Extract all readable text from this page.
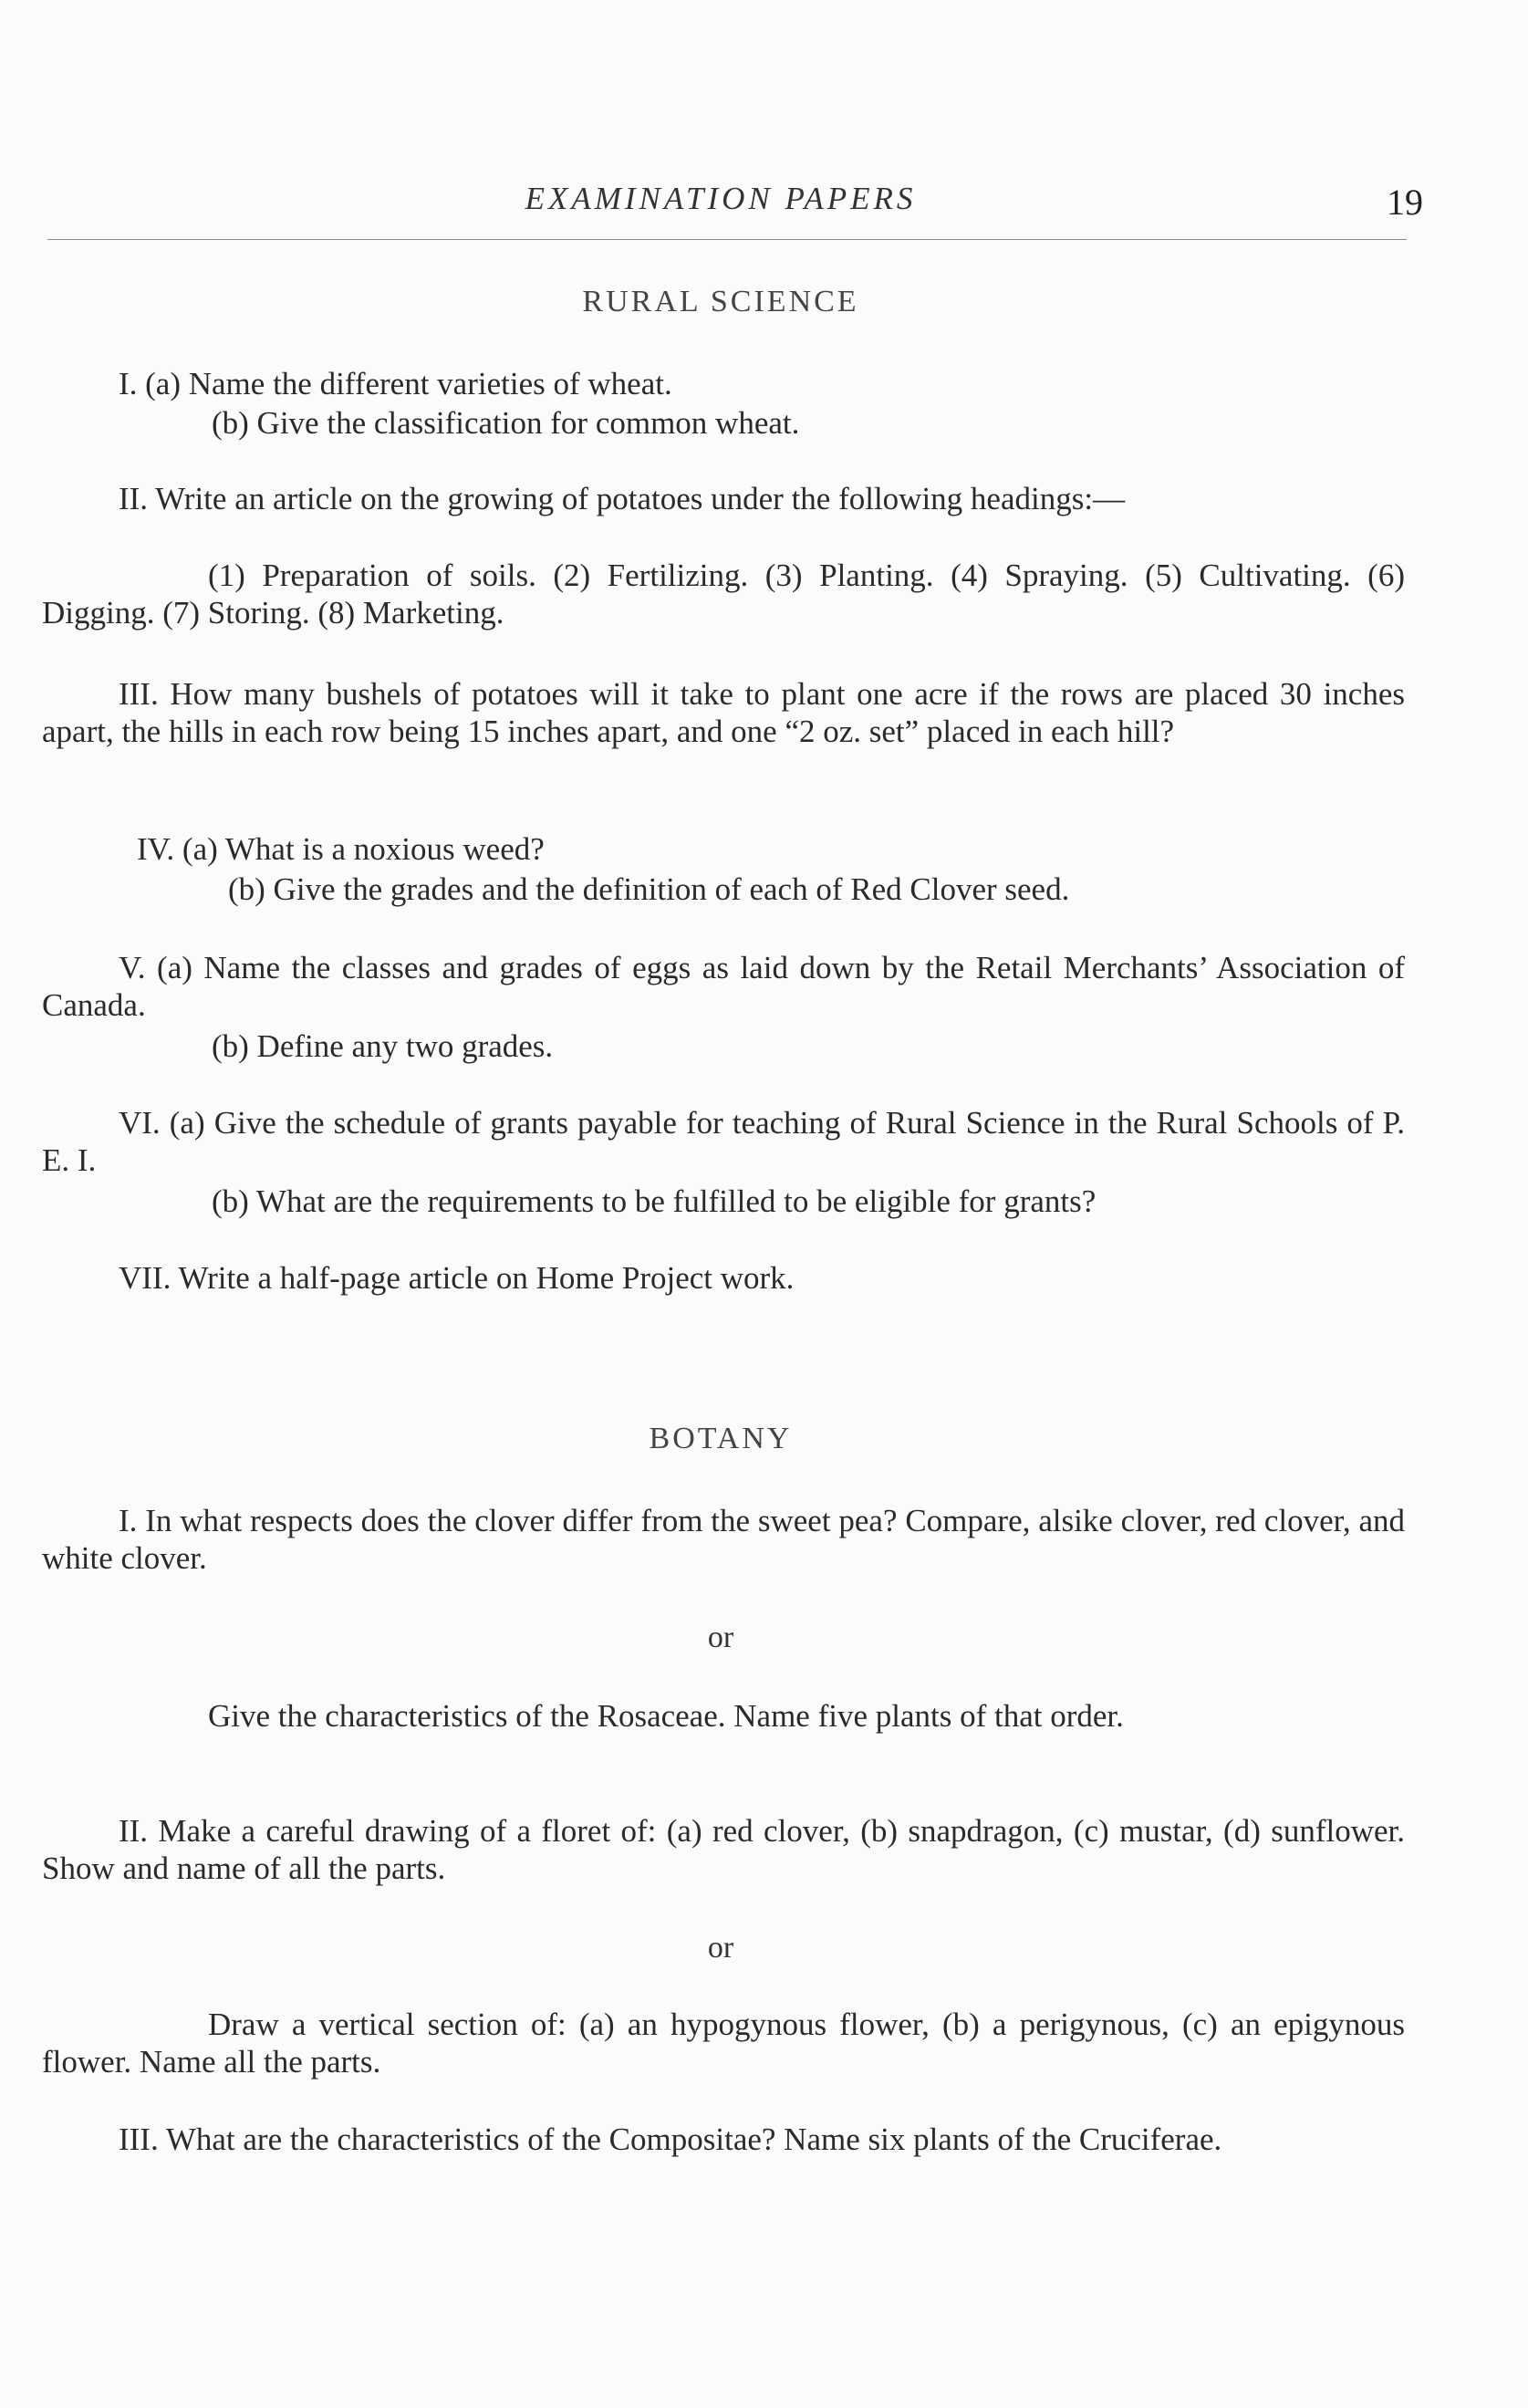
EXAMINATION PAPERS	19
RURAL SCIENCE

I. (a) Name the different varieties of wheat.

(b) Give the classification for common wheat.

II. Write an article on the growing of potatoes under the following headings:—

(1) Preparation of soils. (2) Fertilizing. (3) Planting. (4) Spraying. (5) Cultivating. (6) Digging. (7) Storing. (8) Marketing.

III. How many bushels of potatoes will it take to plant one acre if the rows are placed 30 inches apart, the hills in each row being 15 inches apart, and one “2 oz. set” placed in each hill?

IV. (a) What is a noxious weed?

(b) Give the grades and the definition of each of Red Clover seed.

V. (a) Name the classes and grades of eggs as laid down by the Retail Merchants’ Association of Canada.

(b) Define any two grades.

VI. (a) Give the schedule of grants payable for teaching of Rural Science in the Rural Schools of P. E. I.

(b) What are the requirements to be fulfilled to be eligible for grants?

VII. Write a half-page article on Home Project work.

BOTANY

I. In what respects does the clover differ from the sweet pea? Compare, alsike clover, red clover, and white clover.

or

Give the characteristics of the Rosaceae. Name five plants of that order.

II. Make a careful drawing of a floret of: (a) red clover, (b) snapdragon, (c) mustar, (d) sunflower. Show and name of all the parts.

or

Draw a vertical section of: (a) an hypogynous flower, (b) a perigynous, (c) an epigynous flower. Name all the parts.

III. What are the characteristics of the Compositae? Name six plants of the Cruciferae.
